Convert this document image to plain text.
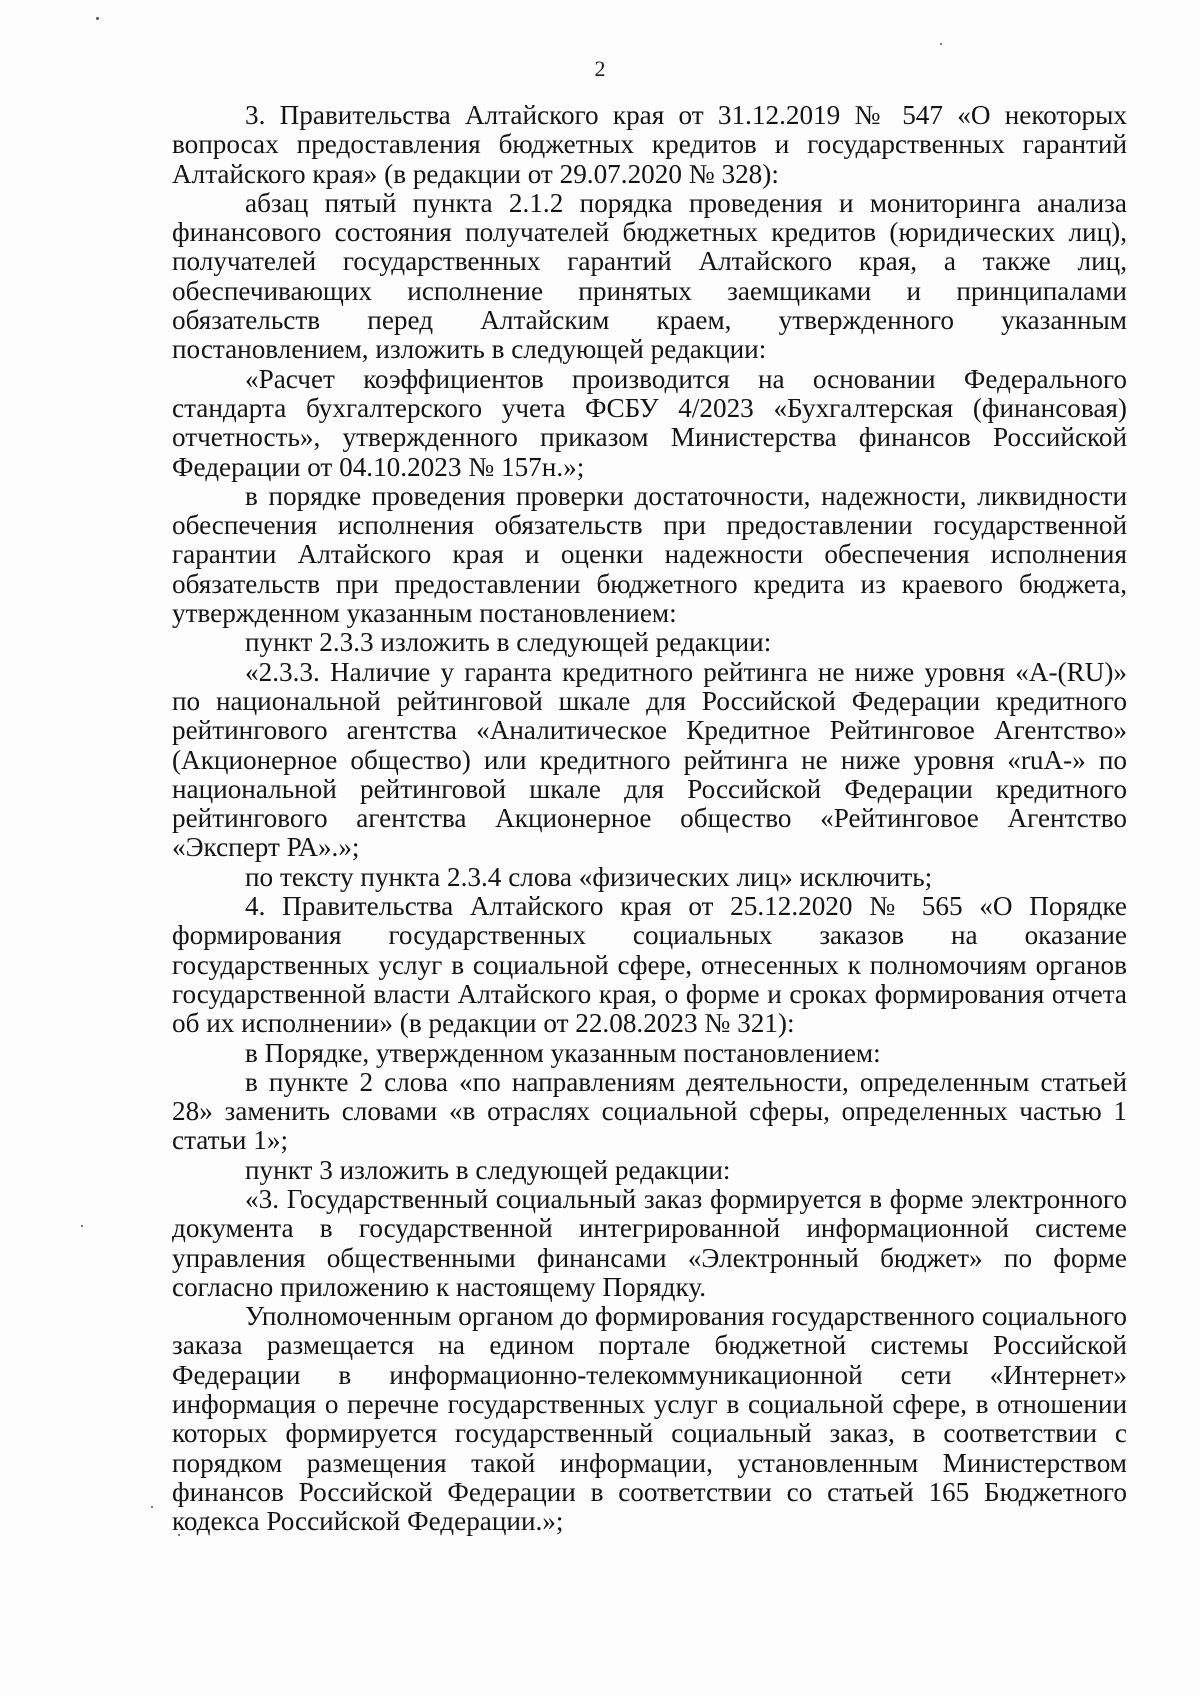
2

3. Правительства Алтайского края от 31.12.2019 № 547 «О некоторых вопросах предоставления бюджетных кредитов и государственных гарантий Алтайского края» (в редакции от 29.07.2020 № 328):

абзац пятый пункта 2.1.2 порядка проведения и мониторинга анализа финансового состояния получателей бюджетных кредитов (юридических лиц), получателей государственных гарантий Алтайского края, а также лиц, обеспечивающих исполнение принятых заемщиками и принципалами обязательств перед Алтайским краем, утвержденного указанным постановлением, изложить в следующей редакции:

«Расчет коэффициентов производится на основании Федерального стандарта бухгалтерского учета ФСБУ 4/2023 «Бухгалтерская (финансовая) отчетность», утвержденного приказом Министерства финансов Российской Федерации от 04.10.2023 № 157н.»;

в порядке проведения проверки достаточности, надежности, ликвидности обеспечения исполнения обязательств при предоставлении государственной гарантии Алтайского края и оценки надежности обеспечения исполнения обязательств при предоставлении бюджетного кредита из краевого бюджета, утвержденном указанным постановлением:

пункт 2.3.3 изложить в следующей редакции:

«2.3.3. Наличие у гаранта кредитного рейтинга не ниже уровня «A-(RU)» по национальной рейтинговой шкале для Российской Федерации кредитного рейтингового агентства «Аналитическое Кредитное Рейтинговое Агентство» (Акционерное общество) или кредитного рейтинга не ниже уровня «ruA-» по национальной рейтинговой шкале для Российской Федерации кредитного рейтингового агентства Акционерное общество «Рейтинговое Агентство «Эксперт РА».»;

по тексту пункта 2.3.4 слова «физических лиц» исключить;

4. Правительства Алтайского края от 25.12.2020 № 565 «О Порядке формирования государственных социальных заказов на оказание государственных услуг в социальной сфере, отнесенных к полномочиям органов государственной власти Алтайского края, о форме и сроках формирования отчета об их исполнении» (в редакции от 22.08.2023 № 321):

в Порядке, утвержденном указанным постановлением:

в пункте 2 слова «по направлениям деятельности, определенным статьей 28» заменить словами «в отраслях социальной сферы, определенных частью 1 статьи 1»;

пункт 3 изложить в следующей редакции:

«3. Государственный социальный заказ формируется в форме электронного документа в государственной интегрированной информационной системе управления общественными финансами «Электронный бюджет» по форме согласно приложению к настоящему Порядку.

Уполномоченным органом до формирования государственного социального заказа размещается на едином портале бюджетной системы Российской Федерации в информационно-телекоммуникационной сети «Интернет» информация о перечне государственных услуг в социальной сфере, в отношении которых формируется государственный социальный заказ, в соответствии с порядком размещения такой информации, установленным Министерством финансов Российской Федерации в соответствии со статьей 165 Бюджетного кодекса Российской Федерации.»;
